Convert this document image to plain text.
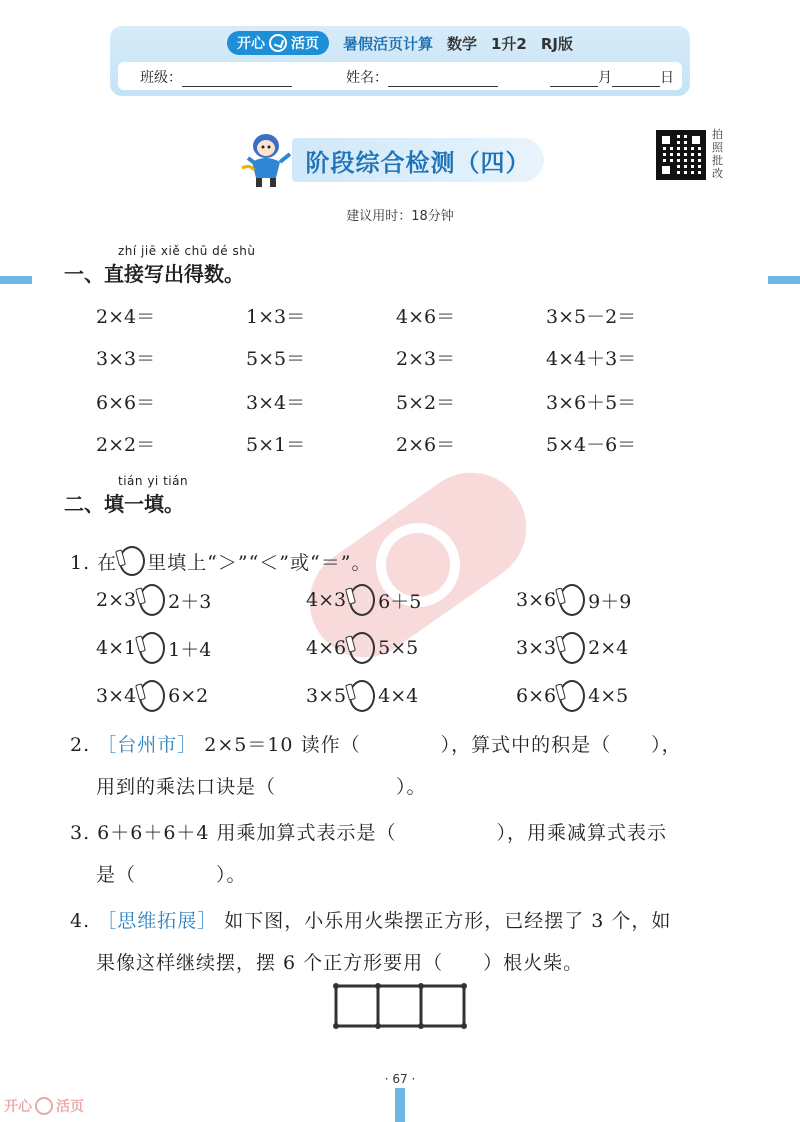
开心 活页 暑假活页计算 数学 1升2 RJ版
班级：	姓名：	月	日
阶段综合检测（四）
拍照批改
建议用时：18分钟
zhí jiē xiě chū dé shù
一、直接写出得数。
2×4＝	1×3＝	4×6＝	3×5－2＝
3×3＝	5×5＝	2×3＝	4×4＋3＝
6×6＝	3×4＝	5×2＝	3×6＋5＝
2×2＝	5×1＝	2×6＝	5×4－6＝
tián yi tián
二、填一填。
1. 在 里填上“＞”“＜”或“＝”。
2×3 2＋3	4×3 6＋5	3×6 9＋9
4×1 1＋4	4×6 5×5	3×3 2×4
3×4 6×2	3×5 4×4	6×6 4×5
2. ［台州市］ 2×5＝10 读作（　　　　），算式中的积是（　　），
用到的乘法口诀是（　　　　　　）。
3. 6＋6＋6＋4 用乘加算式表示是（　　　　　），用乘减算式表示
是（　　　　）。
4. ［思维拓展］ 如下图，小乐用火柴摆正方形，已经摆了 3 个，如
果像这样继续摆，摆 6 个正方形要用（　　）根火柴。
· 67 ·
开心 活页
